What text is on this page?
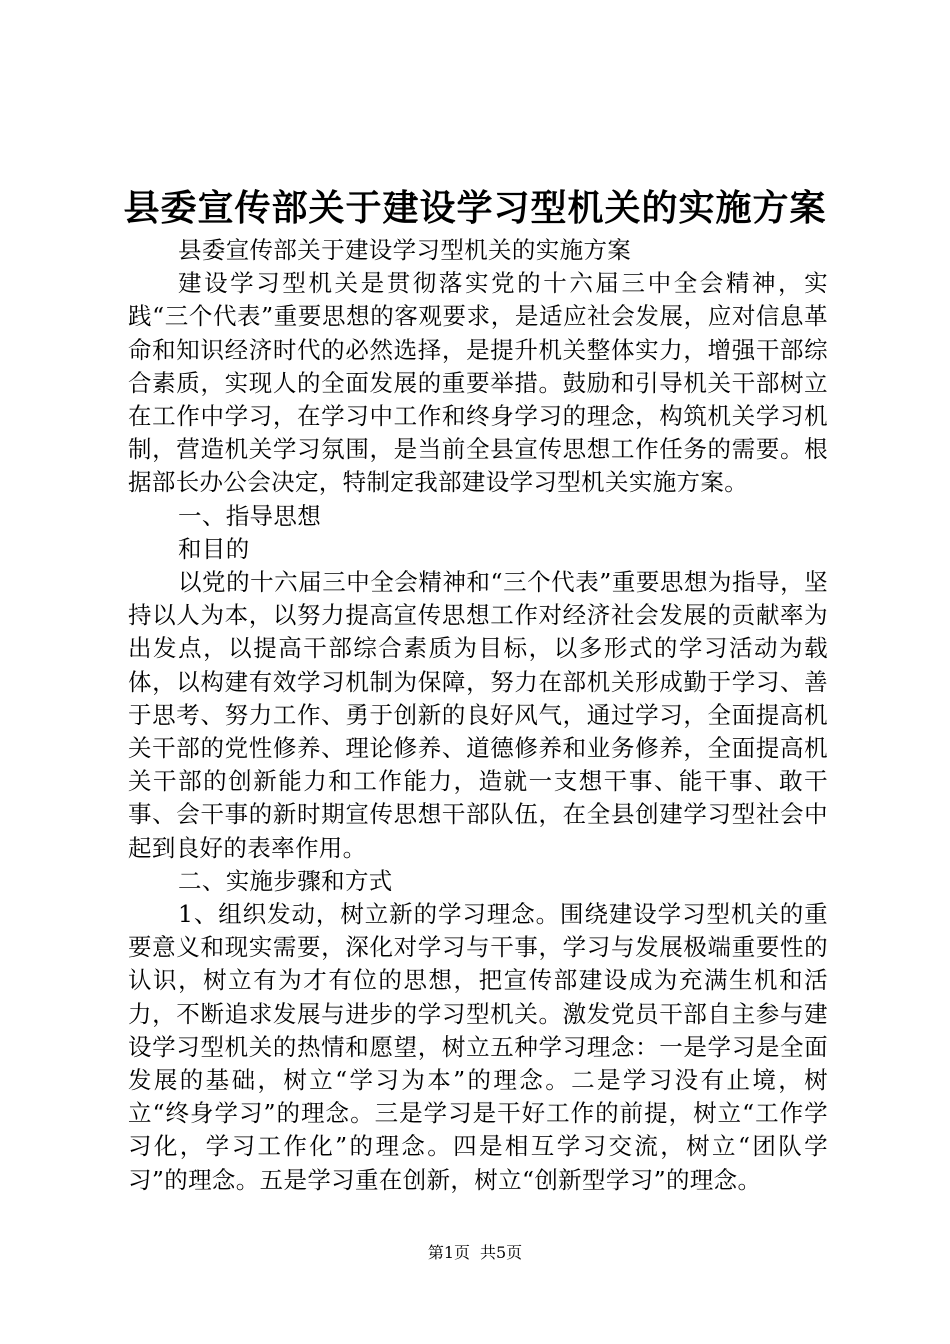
县委宣传部关于建设学习型机关的实施方案

县委宣传部关于建设学习型机关的实施方案

建设学习型机关是贯彻落实党的十六届三中全会精神，实践“三个代表”重要思想的客观要求，是适应社会发展，应对信息革命和知识经济时代的必然选择，是提升机关整体实力，增强干部综合素质，实现人的全面发展的重要举措。鼓励和引导机关干部树立在工作中学习，在学习中工作和终身学习的理念，构筑机关学习机制，营造机关学习氛围，是当前全县宣传思想工作任务的需要。根据部长办公会决定，特制定我部建设学习型机关实施方案。

一、指导思想

和目的

以党的十六届三中全会精神和“三个代表”重要思想为指导，坚持以人为本，以努力提高宣传思想工作对经济社会发展的贡献率为出发点，以提高干部综合素质为目标，以多形式的学习活动为载体，以构建有效学习机制为保障，努力在部机关形成勤于学习、善于思考、努力工作、勇于创新的良好风气，通过学习，全面提高机关干部的党性修养、理论修养、道德修养和业务修养，全面提高机关干部的创新能力和工作能力，造就一支想干事、能干事、敢干事、会干事的新时期宣传思想干部队伍，在全县创建学习型社会中起到良好的表率作用。

二、实施步骤和方式

1、组织发动，树立新的学习理念。围绕建设学习型机关的重要意义和现实需要，深化对学习与干事，学习与发展极端重要性的认识，树立有为才有位的思想，把宣传部建设成为充满生机和活力，不断追求发展与进步的学习型机关。激发党员干部自主参与建设学习型机关的热情和愿望，树立五种学习理念：一是学习是全面发展的基础，树立“学习为本”的理念。二是学习没有止境，树立“终身学习”的理念。三是学习是干好工作的前提，树立“工作学习化，学习工作化”的理念。四是相互学习交流，树立“团队学习”的理念。五是学习重在创新，树立“创新型学习”的理念。

第1页 共5页
